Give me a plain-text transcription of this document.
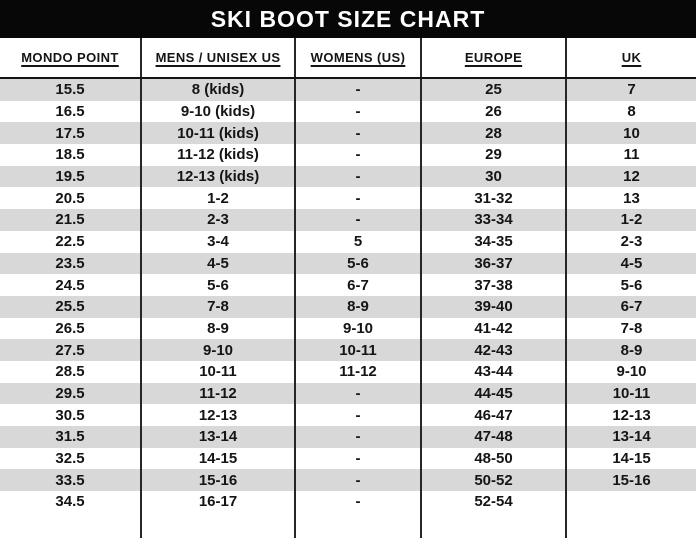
SKI BOOT SIZE CHART
MONDO POINT	MENS / UNISEX US	WOMENS (US)	EUROPE	UK
15.5	8 (kids)	-	25	7
16.5	9-10 (kids)	-	26	8
17.5	10-11 (kids)	-	28	10
18.5	11-12 (kids)	-	29	11
19.5	12-13 (kids)	-	30	12
20.5	1-2	-	31-32	13
21.5	2-3	-	33-34	1-2
22.5	3-4	5	34-35	2-3
23.5	4-5	5-6	36-37	4-5
24.5	5-6	6-7	37-38	5-6
25.5	7-8	8-9	39-40	6-7
26.5	8-9	9-10	41-42	7-8
27.5	9-10	10-11	42-43	8-9
28.5	10-11	11-12	43-44	9-10
29.5	11-12	-	44-45	10-11
30.5	12-13	-	46-47	12-13
31.5	13-14	-	47-48	13-14
32.5	14-15	-	48-50	14-15
33.5	15-16	-	50-52	15-16
34.5	16-17	-	52-54
